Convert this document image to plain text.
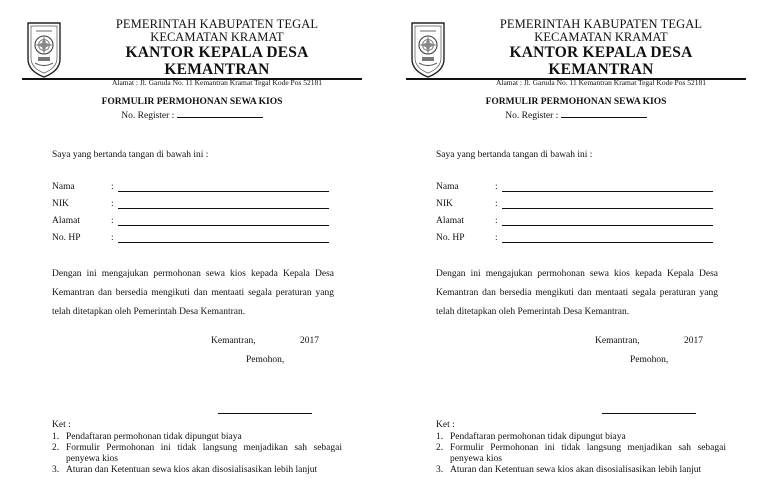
PEMERINTAH KABUPATEN TEGAL
KECAMATAN KRAMAT
KANTOR KEPALA DESA KEMANTRAN
Alamat : Jl. Garuda No. 11 Kemantran Kramat Tegal Kode Pos 52181
FORMULIR PERMOHONAN SEWA KIOS
No. Register :
Saya yang bertanda tangan di bawah ini :
Nama	:
NIK	:
Alamat	:
No. HP	:
Dengan ini mengajukan permohonan sewa kios kepada Kepala Desa Kemantran dan bersedia mengikuti dan mentaati segala peraturan yang telah ditetapkan oleh Pemerintah Desa Kemantran.
Kemantran,	2017
Pemohon,
Ket :
1. Pendaftaran permohonan tidak dipungut biaya
2. Formulir Permohonan ini tidak langsung menjadikan sah sebagai penyewa kios
3. Aturan dan Ketentuan sewa kios akan disosialisasikan lebih lanjut
PEMERINTAH KABUPATEN TEGAL
KECAMATAN KRAMAT
KANTOR KEPALA DESA KEMANTRAN
Alamat : Jl. Garuda No. 11 Kemantran Kramat Tegal Kode Pos 52181
FORMULIR PERMOHONAN SEWA KIOS
No. Register :
Saya yang bertanda tangan di bawah ini :
Nama	:
NIK	:
Alamat	:
No. HP	:
Dengan ini mengajukan permohonan sewa kios kepada Kepala Desa Kemantran dan bersedia mengikuti dan mentaati segala peraturan yang telah ditetapkan oleh Pemerintah Desa Kemantran.
Kemantran,	2017
Pemohon,
Ket :
1. Pendaftaran permohonan tidak dipungut biaya
2. Formulir Permohonan ini tidak langsung menjadikan sah sebagai penyewa kios
3. Aturan dan Ketentuan sewa kios akan disosialisasikan lebih lanjut
